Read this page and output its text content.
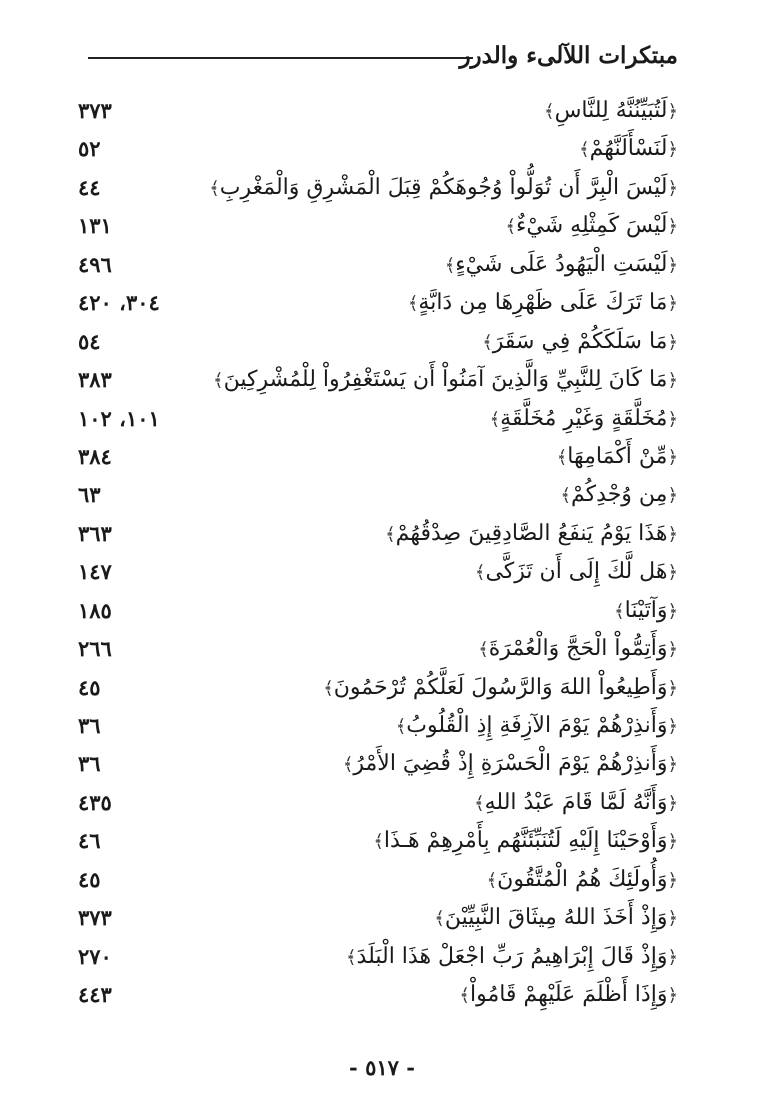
مبتكرات اللآلىء والدرر
﴿لَتُبَيِّنُنَّهُ لِلنَّاسِ﴾
٣٧٣
﴿لَنَسْأَلَنَّهُمْ﴾
٥٢
﴿لَيْسَ الْبِرَّ أَن تُوَلُّواْ وُجُوهَكُمْ قِبَلَ الْمَشْرِقِ وَالْمَغْرِبِ﴾
٤٤
﴿لَيْسَ كَمِثْلِهِ شَيْءٌ﴾
١٣١
﴿لَيْسَتِ الْيَهُودُ عَلَى شَيْءٍ﴾
٤٩٦
﴿مَا تَرَكَ عَلَى ظَهْرِهَا مِن دَابَّةٍ﴾
٣٠٤، ٤٢٠
﴿مَا سَلَكَكُمْ فِي سَقَرَ﴾
٥٤
﴿مَا كَانَ لِلنَّبِيِّ وَالَّذِينَ آمَنُواْ أَن يَسْتَغْفِرُواْ لِلْمُشْرِكِينَ﴾
٣٨٣
﴿مُخَلَّقَةٍ وَغَيْرِ مُخَلَّقَةٍ﴾
١٠١، ١٠٢
﴿مِّنْ أَكْمَامِهَا﴾
٣٨٤
﴿مِن وُجْدِكُمْ﴾
٦٣
﴿هَذَا يَوْمُ يَنفَعُ الصَّادِقِينَ صِدْقُهُمْ﴾
٣٦٣
﴿هَل لَّكَ إِلَى أَن تَزَكَّى﴾
١٤٧
﴿وَآتَيْنَا﴾
١٨٥
﴿وَأَتِمُّواْ الْحَجَّ وَالْعُمْرَةَ﴾
٢٦٦
﴿وَأَطِيعُواْ اللهَ وَالرَّسُولَ لَعَلَّكُمْ تُرْحَمُونَ﴾
٤٥
﴿وَأَنذِرْهُمْ يَوْمَ الآزِفَةِ إِذِ الْقُلُوبُ﴾
٣٦
﴿وَأَنذِرْهُمْ يَوْمَ الْحَسْرَةِ إِذْ قُضِيَ الأَمْرُ﴾
٣٦
﴿وَأَنَّهُ لَمَّا قَامَ عَبْدُ اللهِ﴾
٤٣٥
﴿وَأَوْحَيْنَا إِلَيْهِ لَتُنَبِّئَنَّهُم بِأَمْرِهِمْ هَـذَا﴾
٤٦
﴿وَأُولَئِكَ هُمُ الْمُتَّقُونَ﴾
٤٥
﴿وَإِذْ أَخَذَ اللهُ مِيثَاقَ النَّبِيِّيْنَ﴾
٣٧٣
﴿وَإِذْ قَالَ إِبْرَاهِيمُ رَبِّ اجْعَلْ هَذَا الْبَلَدَ﴾
٢٧٠
﴿وَإِذَا أَظْلَمَ عَلَيْهِمْ قَامُواْ﴾
٤٤٣
- ٥١٧ -
